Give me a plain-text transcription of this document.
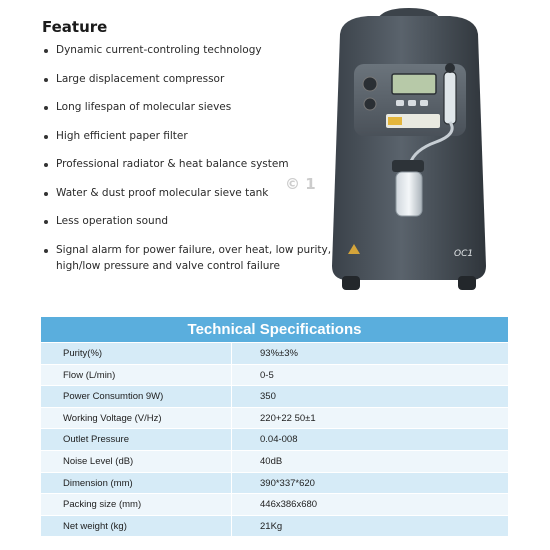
Feature
Dynamic current-controling technology
Large displacement compressor
Long lifespan of molecular sieves
High efficient paper filter
Professional radiator & heat balance system
Water & dust proof molecular sieve tank
Less operation sound
Signal alarm for power failure, over heat, low purity, high/low pressure and valve control failure
OC1
© 1
Technical Specifications
Purity(%)	93%±3%
Flow (L/min)	0-5
Power Consumtion 9W)	350
Working Voltage (V/Hz)	220+22 50±1
Outlet Pressure	0.04-008
Noise Level (dB)	40dB
Dimension (mm)	390*337*620
Packing size (mm)	446x386x680
Net weight (kg)	21Kg
